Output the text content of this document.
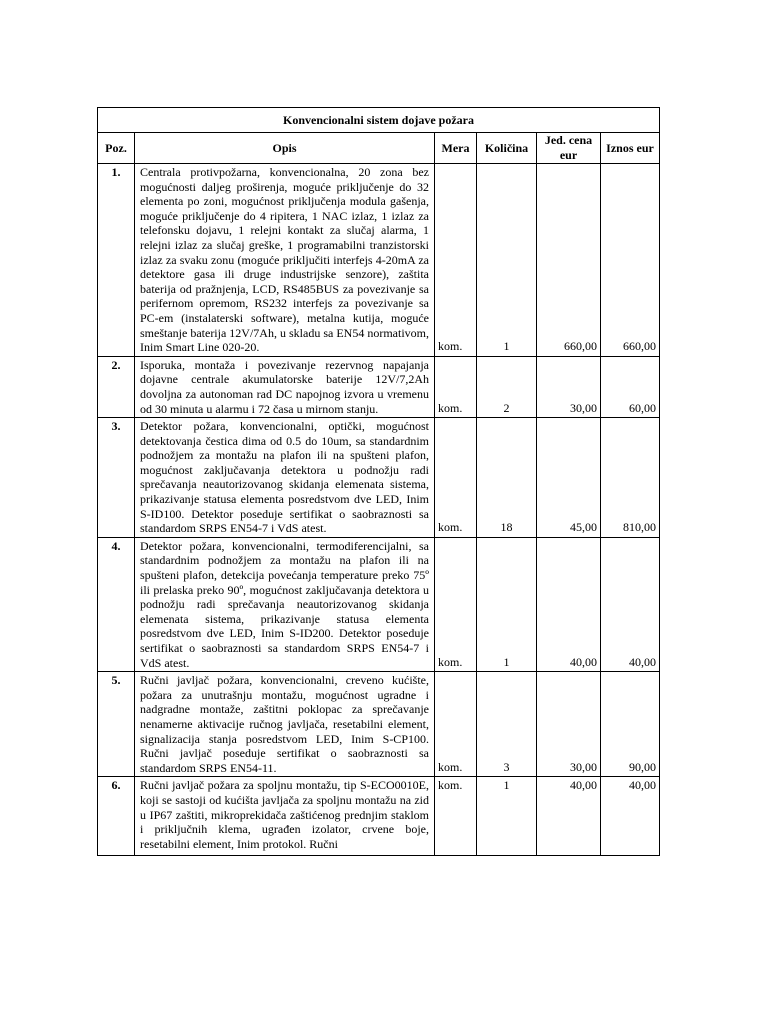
Konvencionalni sistem dojave požara					
Poz.	Opis	Mera	Količina	Jed. cena eur	Iznos eur
1.	Centrala protivpožarna, konvencionalna, 20 zona bez mogućnosti daljeg proširenja, moguće priključenje do 32 elementa po zoni, mogućnost priključenja modula gašenja, moguće priključenje do 4 ripitera, 1 NAC izlaz, 1 izlaz za telefonsku dojavu, 1 relejni kontakt za slučaj alarma, 1 relejni izlaz za slučaj greške, 1 programabilni tranzistorski izlaz za svaku zonu (moguće priključiti interfejs 4-20mA za detektore gasa ili druge industrijske senzore), zaštita baterija od pražnjenja, LCD, RS485BUS za povezivanje sa perifernom opremom, RS232 interfejs za povezivanje sa PC-em (instalaterski software), metalna kutija, moguće smeštanje baterija 12V/7Ah, u skladu sa EN54 normativom, Inim Smart Line 020-20.	kom.	1	660,00	660,00
2.	Isporuka, montaža i povezivanje rezervnog napajanja dojavne centrale akumulatorske baterije 12V/7,2Ah dovoljna za autonoman rad DC napojnog izvora u vremenu od 30 minuta u alarmu i 72 časa u mirnom stanju.	kom.	2	30,00	60,00
3.	Detektor požara, konvencionalni, optički, mogućnost detektovanja čestica dima od 0.5 do 10um, sa standardnim podnožjem za montažu na plafon ili na spušteni plafon, mogućnost zaključavanja detektora u podnožju radi sprečavanja neautorizovanog skidanja elemenata sistema, prikazivanje statusa elementa posredstvom dve LED, Inim S-ID100. Detektor poseduje sertifikat o saobraznosti sa standardom SRPS EN54-7 i VdS atest.	kom.	18	45,00	810,00
4.	Detektor požara, konvencionalni, termodiferencijalni, sa standardnim podnožjem za montažu na plafon ili na spušteni plafon, detekcija povećanja temperature preko 75º ili prelaska preko 90º, mogućnost zaključavanja detektora u podnožju radi sprečavanja neautorizovanog skidanja elemenata sistema, prikazivanje statusa elementa posredstvom dve LED, Inim S-ID200. Detektor poseduje sertifikat o saobraznosti sa standardom SRPS EN54-7 i VdS atest.	kom.	1	40,00	40,00
5.	Ručni javljač požara, konvencionalni, creveno kućište, požara za unutrašnju montažu, mogućnost ugradne i nadgradne montaže, zaštitni poklopac za sprečavanje nenamerne aktivacije ručnog javljača, resetabilni element, signalizacija stanja posredstvom LED, Inim S-CP100. Ručni javljač poseduje sertifikat o saobraznosti sa standardom SRPS EN54-11.	kom.	3	30,00	90,00
6.	Ručni javljač požara za spoljnu montažu, tip S-ECO0010E, koji se sastoji od kućišta javljača za spoljnu montažu na zid u IP67 zaštiti, mikroprekidača zaštićenog prednjim staklom i priključnih klema, ugrađen izolator, crvene boje, resetabilni element, Inim protokol. Ručni	kom.	1	40,00	40,00
